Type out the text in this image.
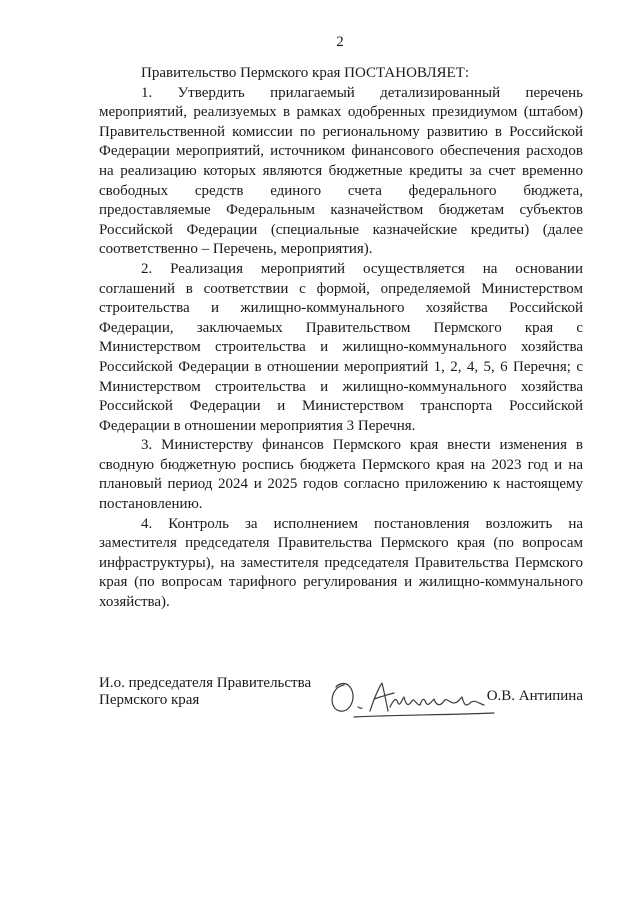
2

Правительство Пермского края ПОСТАНОВЛЯЕТ:

1. Утвердить прилагаемый детализированный перечень мероприятий, реализуемых в рамках одобренных президиумом (штабом) Правительственной комиссии по региональному развитию в Российской Федерации мероприятий, источником финансового обеспечения расходов на реализацию которых являются бюджетные кредиты за счет временно свободных средств единого счета федерального бюджета, предоставляемые Федеральным казначейством бюджетам субъектов Российской Федерации (специальные казначейские кредиты) (далее соответственно – Перечень, мероприятия).

2. Реализация мероприятий осуществляется на основании соглашений в соответствии с формой, определяемой Министерством строительства и жилищно-коммунального хозяйства Российской Федерации, заключаемых Правительством Пермского края с Министерством строительства и жилищно-коммунального хозяйства Российской Федерации в отношении мероприятий 1, 2, 4, 5, 6 Перечня; с Министерством строительства и жилищно-коммунального хозяйства Российской Федерации и Министерством транспорта Российской Федерации в отношении мероприятия 3 Перечня.

3. Министерству финансов Пермского края внести изменения в сводную бюджетную роспись бюджета Пермского края на 2023 год и на плановый период 2024 и 2025 годов согласно приложению к настоящему постановлению.

4. Контроль за исполнением постановления возложить на заместителя председателя Правительства Пермского края (по вопросам инфраструктуры), на заместителя председателя Правительства Пермского края (по вопросам тарифного регулирования и жилищно-коммунального хозяйства).

И.о. председателя Правительства
Пермского края	О.В. Антипина
